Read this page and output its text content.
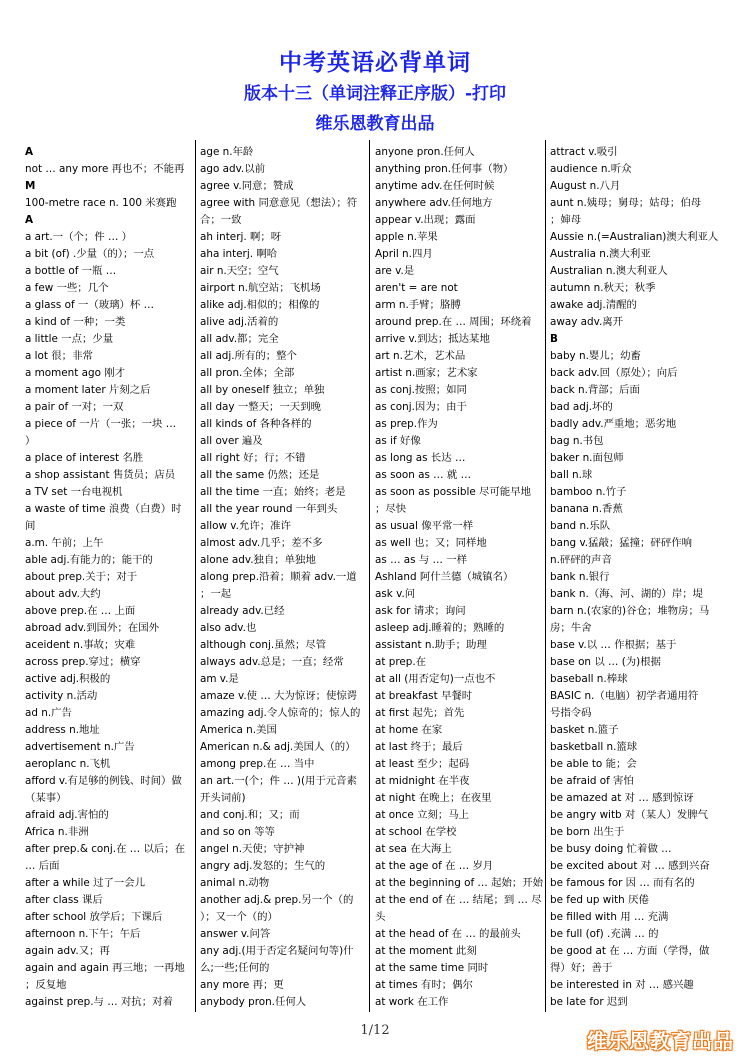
中考英语必背单词
版本十三（单词注释正序版）-打印
维乐恩教育出品
A
not … any more 再也不；不能再
M
100-metre race n. 100 米赛跑
A
a art.一（个；件 … ）
a bit (of) .少量（的）；一点
a bottle of 一瓶 …
a few 一些；几个
a glass of 一（玻璃）杯 …
a kind of 一种；一类
a little 一点；少量
a lot 很；非常
a moment ago 刚才
a moment later 片刻之后
a pair of 一对；一双
a piece of 一片（一张；一块 …
）
a place of interest 名胜
a shop assistant 售货员；店员
a TV set 一台电视机
a waste of time 浪费（白费）时
间
a.m. 午前；上午
able adj.有能力的；能干的
about prep.关于；对于
about adv.大约
above prep.在 … 上面
abroad adv.到国外；在国外
aceident n.事故；灾难
across prep.穿过；横穿
active adj.积极的
activity n.活动
ad n.广告
address n.地址
advertisement n.广告
aeroplanc n.飞机
afford v.有足够的例钱、时间）做
（某事）
afraid adj.害怕的
Africa n.非洲
after prep.& conj.在 … 以后；在
… 后面
after a while 过了一会儿
after class 课后
after school 放学后；下课后
afternoon n.下午；午后
again adv.又；再
again and again 再三地；一再地
；反复地
against prep.与 … 对抗；对着
age n.年龄
ago adv.以前
agree v.同意；赞成
agree with 同意意见（想法）；符
合；一致
ah interj. 啊；呀
aha interj. 啊哈
air n.天空；空气
airport n.航空站；飞机场
alike adj.相似的；相像的
alive adj.活着的
all adv.都；完全
all adj.所有的；整个
all pron.全体；全部
all by oneself 独立；单独
all day 一整天；一天到晚
all kinds of 各种各样的
all over 遍及
all right 好；行；不错
all the same 仍然；还是
all the time 一直；始终；老是
all the year round 一年到头
allow v.允许；准许
almost adv.几乎；差不多
alone adv.独自；单独地
along prep.沿着；顺着 adv.一道
；一起
already adv.已经
also adv.也
although conj.虽然；尽管
always adv.总是；一直；经常
am v.是
amaze v.使 … 大为惊讶；使惊谔
amazing adj.令人惊奇的；惊人的
America n.美国
American n.& adj.美国人（的）
among prep.在 … 当中
an art.一(个；件 … )(用于元音素
开头词前)
and conj.和；又；而
and so on 等等
angel n.天使；守护神
angry adj.发怒的；生气的
animal n.动物
another adj.& prep.另一个（的
）；又一个（的）
answer v.问答
any adj.(用于否定名疑问句等)什
么;一些;任何的
any more 再；更
anybody pron.任何人
anyone pron.任何人
anything pron.任何事（物）
anytime adv.在任何时候
anywhere adv.任何地方
appear v.出现；露面
apple n.苹果
April n.四月
are v.是
aren't = are not
arm n.手臂；胳膊
around prep.在 … 周围；环绕着
arrive v.到达；抵达某地
art n.艺术，艺术品
artist n.画家；艺术家
as conj.按照；如同
as conj.因为；由于
as prep.作为
as if 好像
as long as 长达 …
as soon as … 就 …
as soon as possible 尽可能早地
；尽快
as usual 像平常一样
as well 也；又；同样地
as … as 与 … 一样
Ashland 阿什兰德（城镇名）
ask v.问
ask for 请求；询问
asleep adj.睡着的；熟睡的
assistant n.助手；助理
at prep.在
at all (用否定句)一点也不
at breakfast 早餐时
at first 起先；首先
at home 在家
at last 终于；最后
at least 至少；起码
at midnight 在半夜
at night 在晚上；在夜里
at once 立刻；马上
at school 在学校
at sea 在大海上
at the age of 在 … 岁月
at the beginning of … 起始；开始
at the end of 在 … 结尾；到 … 尽
头
at the head of 在 … 的最前头
at the moment 此刻
at the same time 同时
at times 有时；偶尔
at work 在工作
attract v.吸引
audience n.听众
August n.八月
aunt n.姨母；舅母；姑母；伯母
；婶母
Aussie n.(=Australian)澳大利亚人
Australia n.澳大利亚
Australian n.澳大利亚人
autumn n.秋天；秋季
awake adj.清醒的
away adv.离开
B
baby n.婴儿；幼畜
back adv.回（原处）；向后
back n.背部；后面
bad adj.坏的
badly adv.严重地；恶劣地
bag n.书包
baker n.面包师
ball n.球
bamboo n.竹子
banana n.香蕉
band n.乐队
bang v.猛敲；猛撞；砰砰作响
n.砰砰的声音
bank n.银行
bank n.（海、河、湖的）岸；堤
barn n.(农家的)谷仓；堆物房；马
房；牛舍
base v.以 … 作根据；基于
base on 以 … (为)根据
baseball n.棒球
BASIC n.（电脑）初学者通用符
号指令码
basket n.篮子
basketball n.篮球
be able to 能；会
be afraid of 害怕
be amazed at 对 … 感到惊讶
be angry witb 对（某人）发脾气
be born 出生于
be busy doing 忙着做 …
be excited about 对 … 感到兴奋
be famous for 因 … 而有名的
be fed up with 厌倦
be filled with 用 … 充满
be full (of) .充满 … 的
be good at 在 … 方面（学得，做
得）好；善于
be interested in 对 … 感兴趣
be late for 迟到
1/12	维乐恩教育出品
